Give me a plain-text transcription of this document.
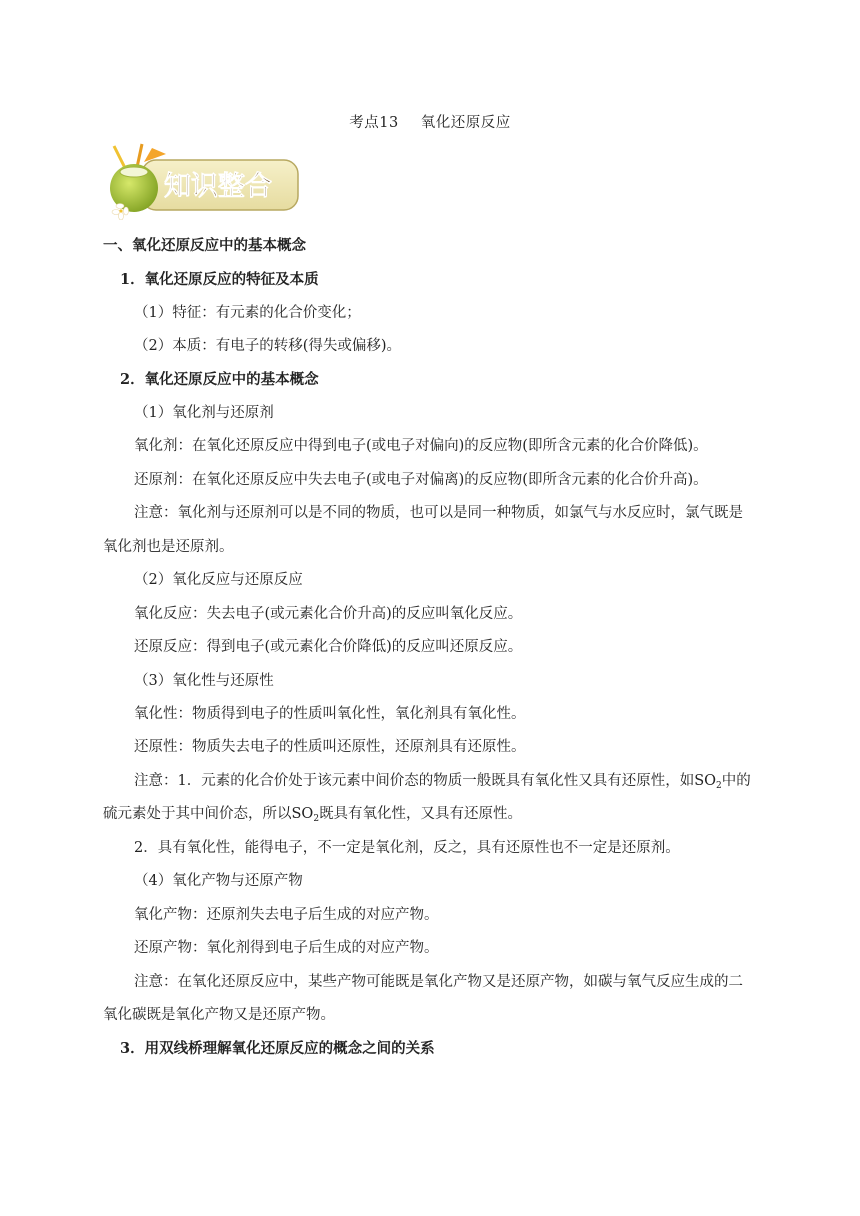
考点13 氧化还原反应
知识整合
一、氧化还原反应中的基本概念
1．氧化还原反应的特征及本质
（1）特征：有元素的化合价变化；
（2）本质：有电子的转移(得失或偏移)。
2．氧化还原反应中的基本概念
（1）氧化剂与还原剂
氧化剂：在氧化还原反应中得到电子(或电子对偏向)的反应物(即所含元素的化合价降低)。
还原剂：在氧化还原反应中失去电子(或电子对偏离)的反应物(即所含元素的化合价升高)。
注意：氧化剂与还原剂可以是不同的物质，也可以是同一种物质，如氯气与水反应时，氯气既是
氧化剂也是还原剂。
（2）氧化反应与还原反应
氧化反应：失去电子(或元素化合价升高)的反应叫氧化反应。
还原反应：得到电子(或元素化合价降低)的反应叫还原反应。
（3）氧化性与还原性
氧化性：物质得到电子的性质叫氧化性，氧化剂具有氧化性。
还原性：物质失去电子的性质叫还原性，还原剂具有还原性。
注意：1．元素的化合价处于该元素中间价态的物质一般既具有氧化性又具有还原性，如$SO_2$中的
硫元素处于其中间价态，所以$SO_2$既具有氧化性，又具有还原性。
2．具有氧化性，能得电子，不一定是氧化剂，反之，具有还原性也不一定是还原剂。
（4）氧化产物与还原产物
氧化产物：还原剂失去电子后生成的对应产物。
还原产物：氧化剂得到电子后生成的对应产物。
注意：在氧化还原反应中，某些产物可能既是氧化产物又是还原产物，如碳与氧气反应生成的二
氧化碳既是氧化产物又是还原产物。
3．用双线桥理解氧化还原反应的概念之间的关系
